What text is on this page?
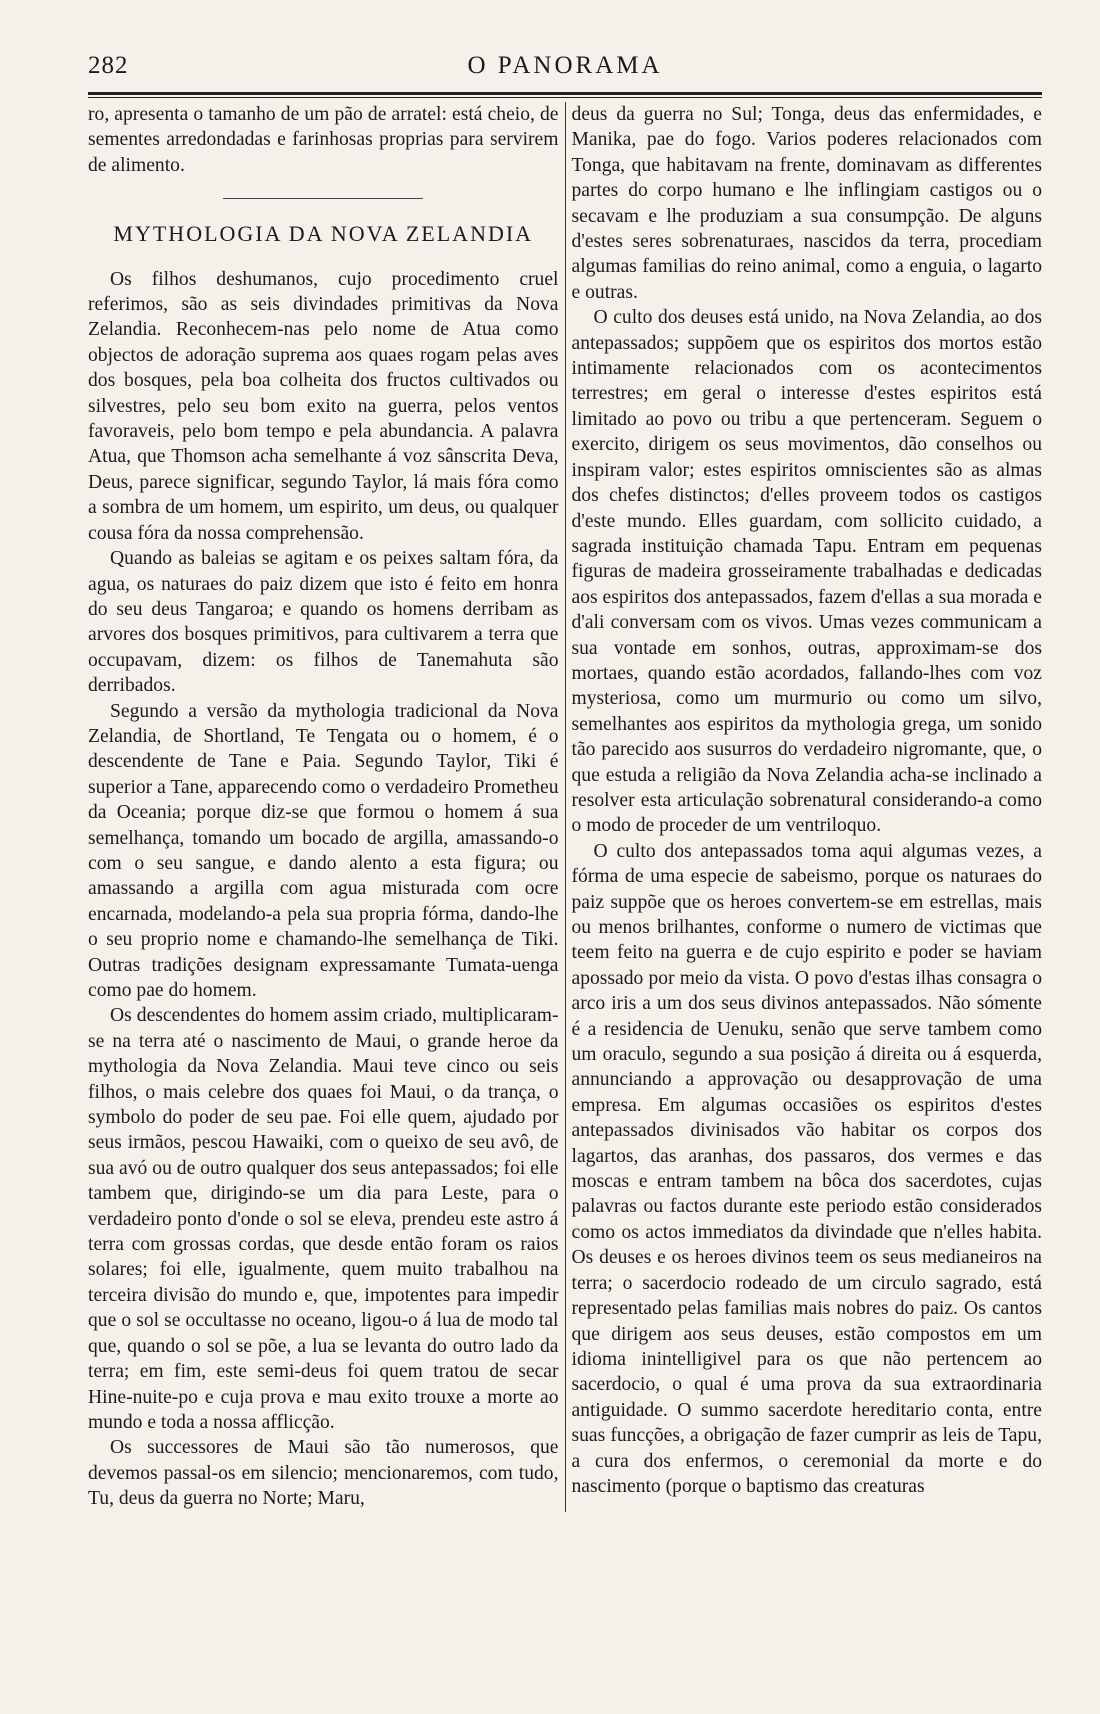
282	O PANORAMA

ro, apresenta o tamanho de um pão de arratel: está cheio, de sementes arredondadas e farinhosas proprias para servirem de alimento.

MYTHOLOGIA DA NOVA ZELANDIA

Os filhos deshumanos, cujo procedimento cruel referimos, são as seis divindades primitivas da Nova Zelandia. Reconhecem-nas pelo nome de Atua como objectos de adoração suprema aos quaes rogam pelas aves dos bosques, pela boa colheita dos fructos cultivados ou silvestres, pelo seu bom exito na guerra, pelos ventos favoraveis, pelo bom tempo e pela abundancia. A palavra Atua, que Thomson acha semelhante á voz sânscrita Deva, Deus, parece significar, segundo Taylor, lá mais fóra como a sombra de um homem, um espirito, um deus, ou qualquer cousa fóra da nossa comprehensão.

Quando as baleias se agitam e os peixes saltam fóra, da agua, os naturaes do paiz dizem que isto é feito em honra do seu deus Tangaroa; e quando os homens derribam as arvores dos bosques primitivos, para cultivarem a terra que occupavam, dizem: os filhos de Tanemahuta são derribados.

Segundo a versão da mythologia tradicional da Nova Zelandia, de Shortland, Te Tengata ou o homem, é o descendente de Tane e Paia. Segundo Taylor, Tiki é superior a Tane, apparecendo como o verdadeiro Prometheu da Oceania; porque diz-se que formou o homem á sua semelhança, tomando um bocado de argilla, amassando-o com o seu sangue, e dando alento a esta figura; ou amassando a argilla com agua misturada com ocre encarnada, modelando-a pela sua propria fórma, dando-lhe o seu proprio nome e chamando-lhe semelhança de Tiki. Outras tradições designam expressamante Tumata-uenga como pae do homem.

Os descendentes do homem assim criado, multiplicaram-se na terra até o nascimento de Maui, o grande heroe da mythologia da Nova Zelandia. Maui teve cinco ou seis filhos, o mais celebre dos quaes foi Maui, o da trança, o symbolo do poder de seu pae. Foi elle quem, ajudado por seus irmãos, pescou Hawaiki, com o queixo de seu avô, de sua avó ou de outro qualquer dos seus antepassados; foi elle tambem que, dirigindo-se um dia para Leste, para o verdadeiro ponto d'onde o sol se eleva, prendeu este astro á terra com grossas cordas, que desde então foram os raios solares; foi elle, igualmente, quem muito trabalhou na terceira divisão do mundo e, que, impotentes para impedir que o sol se occultasse no oceano, ligou-o á lua de modo tal que, quando o sol se põe, a lua se levanta do outro lado da terra; em fim, este semi-deus foi quem tratou de secar Hine-nuite-po e cuja prova e mau exito trouxe a morte ao mundo e toda a nossa afflicção.

Os successores de Maui são tão numerosos, que devemos passal-os em silencio; mencionaremos, com tudo, Tu, deus da guerra no Norte; Maru,

deus da guerra no Sul; Tonga, deus das enfermidades, e Manika, pae do fogo. Varios poderes relacionados com Tonga, que habitavam na frente, dominavam as differentes partes do corpo humano e lhe inflingiam castigos ou o secavam e lhe produziam a sua consumpção. De alguns d'estes seres sobrenaturaes, nascidos da terra, procediam algumas familias do reino animal, como a enguia, o lagarto e outras.

O culto dos deuses está unido, na Nova Zelandia, ao dos antepassados; suppõem que os espiritos dos mortos estão intimamente relacionados com os acontecimentos terrestres; em geral o interesse d'estes espiritos está limitado ao povo ou tribu a que pertenceram. Seguem o exercito, dirigem os seus movimentos, dão conselhos ou inspiram valor; estes espiritos omniscientes são as almas dos chefes distinctos; d'elles proveem todos os castigos d'este mundo. Elles guardam, com sollicito cuidado, a sagrada instituição chamada Tapu. Entram em pequenas figuras de madeira grosseiramente trabalhadas e dedicadas aos espiritos dos antepassados, fazem d'ellas a sua morada e d'ali conversam com os vivos. Umas vezes communicam a sua vontade em sonhos, outras, approximam-se dos mortaes, quando estão acordados, fallando-lhes com voz mysteriosa, como um murmurio ou como um silvo, semelhantes aos espiritos da mythologia grega, um sonido tão parecido aos susurros do verdadeiro nigromante, que, o que estuda a religião da Nova Zelandia acha-se inclinado a resolver esta articulação sobrenatural considerando-a como o modo de proceder de um ventriloquo.

O culto dos antepassados toma aqui algumas vezes, a fórma de uma especie de sabeismo, porque os naturaes do paiz suppõe que os heroes convertem-se em estrellas, mais ou menos brilhantes, conforme o numero de victimas que teem feito na guerra e de cujo espirito e poder se haviam apossado por meio da vista. O povo d'estas ilhas consagra o arco iris a um dos seus divinos antepassados. Não sómente é a residencia de Uenuku, senão que serve tambem como um oraculo, segundo a sua posição á direita ou á esquerda, annunciando a approvação ou desapprovação de uma empresa. Em algumas occasiões os espiritos d'estes antepassados divinisados vão habitar os corpos dos lagartos, das aranhas, dos passaros, dos vermes e das moscas e entram tambem na bôca dos sacerdotes, cujas palavras ou factos durante este periodo estão considerados como os actos immediatos da divindade que n'elles habita. Os deuses e os heroes divinos teem os seus medianeiros na terra; o sacerdocio rodeado de um circulo sagrado, está representado pelas familias mais nobres do paiz. Os cantos que dirigem aos seus deuses, estão compostos em um idioma inintelligivel para os que não pertencem ao sacerdocio, o qual é uma prova da sua extraordinaria antiguidade. O summo sacerdote hereditario conta, entre suas funcções, a obrigação de fazer cumprir as leis de Tapu, a cura dos enfermos, o ceremonial da morte e do nascimento (porque o baptismo das creaturas
